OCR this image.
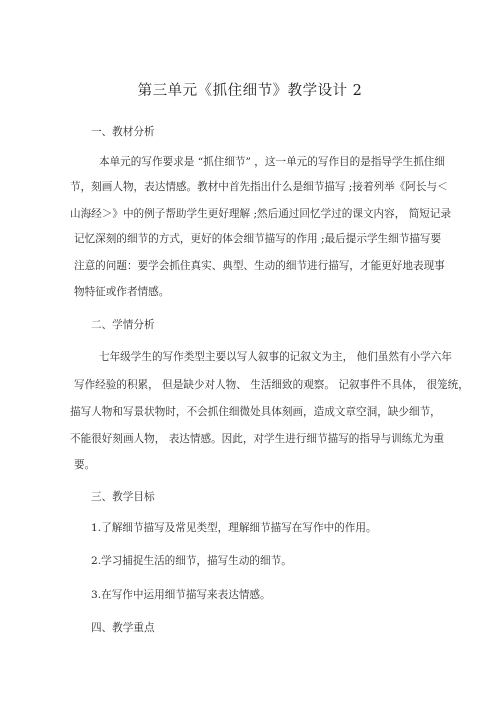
第三单元《抓住细节》教学设计 2
一、教材分析
本单元的写作要求是 “抓住细节” ，这一单元的写作目的是指导学生抓住细
节，刻画人物，表达情感。教材中首先指出什么是细节描写 ;接着列举《阿长与＜
山海经＞》中的例子帮助学生更好理解 ;然后通过回忆学过的课文内容， 简短记录
记忆深刻的细节的方式，更好的体会细节描写的作用 ;最后提示学生细节描写要
注意的问题：要学会抓住真实、典型、生动的细节进行描写，才能更好地表现事
物特征或作者情感。
二、学情分析
七年级学生的写作类型主要以写人叙事的记叙文为主， 他们虽然有小学六年
写作经验的积累， 但是缺少对人物、 生活细致的观察。 记叙事件不具体， 很笼统，
描写人物和写景状物时，不会抓住细微处具体刻画，造成文章空洞，缺少细节，
不能很好刻画人物， 表达情感。因此，对学生进行细节描写的指导与训练尤为重
要。
三、教学目标
1.了解细节描写及常见类型，理解细节描写在写作中的作用。
2.学习捕捉生活的细节，描写生动的细节。
3.在写作中运用细节描写来表达情感。
四、教学重点
